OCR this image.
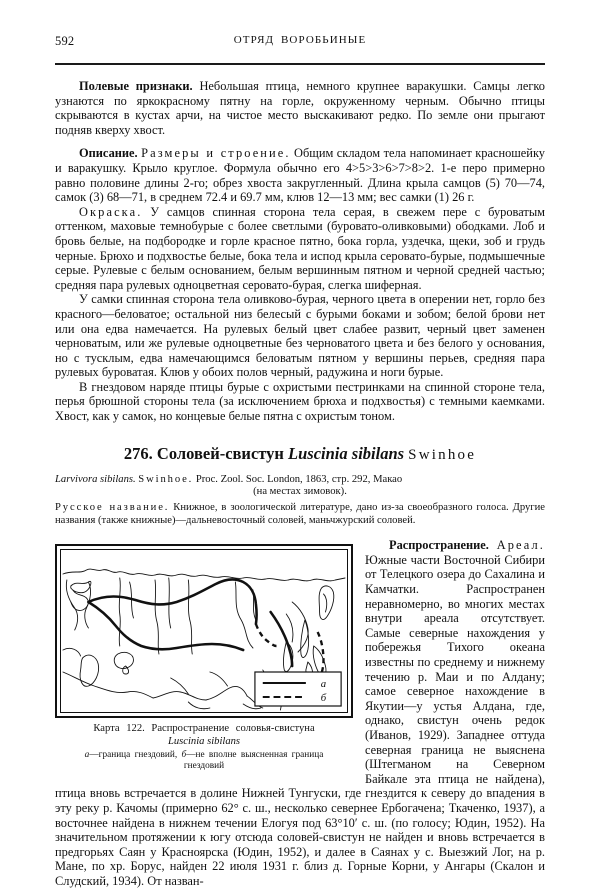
592	ОТРЯД ВОРОБЬИНЫЕ

Полевые признаки. Небольшая птица, немного крупнее варакушки. Самцы легко узнаются по яркокрасному пятну на горле, окруженному черным. Обычно птицы скрываются в кустах арчи, на чистое место выскакивают редко. По земле они прыгают подняв кверху хвост.

Описание. Размеры и строение. Общим складом тела напоминает красношейку и варакушку. Крыло круглое. Формула обычно его 4>5>3>6>7>8>2. 1-е перо примерно равно половине длины 2-го; обрез хвоста закругленный. Длина крыла самцов (5) 70—74, самок (3) 68—71, в среднем 72.4 и 69.7 мм, клюв 12—13 мм; вес самки (1) 26 г.

Окраска. У самцов спинная сторона тела серая, в свежем пере с буроватым оттенком, маховые темнобурые с более светлыми (буровато-оливковыми) ободками. Лоб и бровь белые, на подбородке и горле красное пятно, бока горла, уздечка, щеки, зоб и грудь черные. Брюхо и подхвостье белые, бока тела и испод крыла серовато-бурые, подмышечные серые. Рулевые с белым основанием, белым вершинным пятном и черной средней частью; средняя пара рулевых одноцветная серовато-бурая, слегка шиферная.

У самки спинная сторона тела оливково-бурая, черного цвета в оперении нет, горло без красного—беловатое; остальной низ белесый с бурыми боками и зобом; белой брови нет или она едва намечается. На рулевых белый цвет слабее развит, черный цвет заменен черноватым, или же рулевые одноцветные без черноватого цвета и без белого у основания, но с тусклым, едва намечающимся беловатым пятном у вершины перьев, средняя пара рулевых буроватая. Клюв у обоих полов черный, радужина и ноги бурые.

В гнездовом наряде птицы бурые с охристыми пестринками на спинной стороне тела, перья брюшной стороны тела (за исключением брюха и подхвостья) с темными каемками. Хвост, как у самок, но концевые белые пятна с охристым тоном.

276. Соловей-свистун Luscinia sibilans Swinhoe

Larvivora sibilans. Swinhoe. Proc. Zool. Soc. London, 1863, стр. 292, Макао

(на местах зимовок).

Русское название. Книжное, в зоологической литературе, дано из-за своеобразного голоса. Другие названия (также книжные)—дальневосточный соловей, маньчжурский соловей.

а
б
Карта 122. Распространение соловья-свистуна
Luscinia sibilans
а—граница гнездовий, б—не вполне выясненная граница
гнездовий

Распространение. Ареал. Южные части Восточной Сибири от Телецкого озера до Сахалина и Камчатки. Распространен неравномерно, во многих местах внутри ареала отсутствует. Самые северные нахождения у побережья Тихого океана известны по среднему и нижнему течению р. Маи и по Алдану; самое северное нахождение в Якутии—у устья Алдана, где, однако, свистун очень редок (Иванов, 1929). Западнее оттуда северная граница не выяснена (Штегманом на Северном Байкале эта птица не найдена), птица вновь встречается в долине Нижней Тунгуски, где гнездится к северу до впадения в эту реку р. Качомы (примерно 62° с. ш., несколько севернее Ербогачена; Ткаченко, 1937), а восточнее найдена в нижнем течении Елогуя под 63°10′ с. ш. (по голосу; Юдин, 1952). На значительном протяжении к югу отсюда соловей-свистун не найден и вновь встречается в предгорьях Саян у Красноярска (Юдин, 1952), и далее в Саянах у с. Выезжий Лог, на р. Мане, по хр. Борус, найден 22 июля 1931 г. близ д. Горные Корни, у Ангары (Скалон и Слудский, 1934). От назван-
